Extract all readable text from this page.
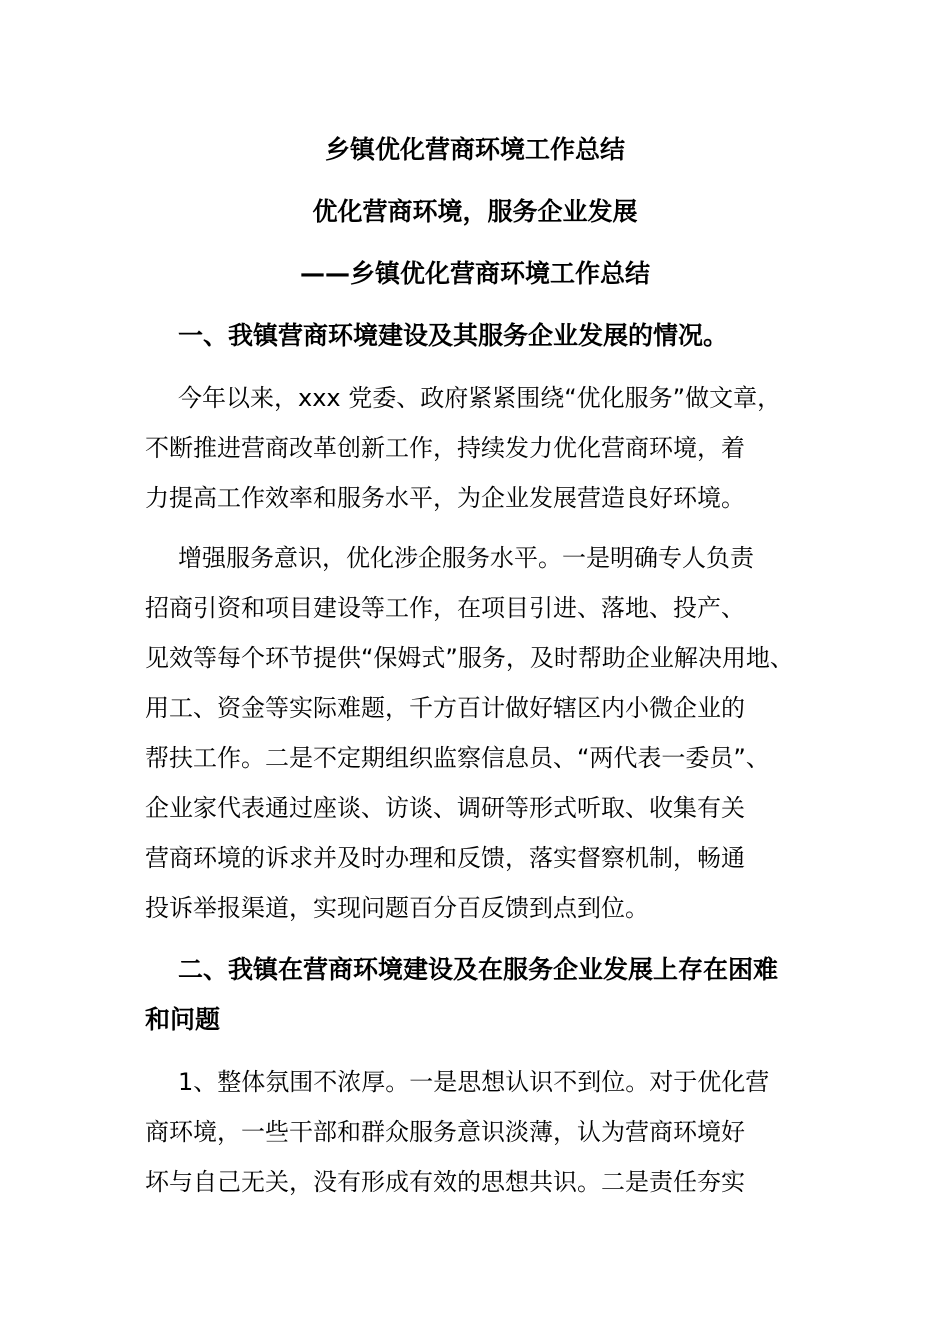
乡镇优化营商环境工作总结
优化营商环境，服务企业发展
——乡镇优化营商环境工作总结
一、我镇营商环境建设及其服务企业发展的情况。
今年以来，xxx 党委、政府紧紧围绕“优化服务”做文章，
不断推进营商改革创新工作，持续发力优化营商环境，着
力提高工作效率和服务水平，为企业发展营造良好环境。
增强服务意识，优化涉企服务水平。一是明确专人负责
招商引资和项目建设等工作，在项目引进、落地、投产、
见效等每个环节提供“保姆式”服务，及时帮助企业解决用地、
用工、资金等实际难题，千方百计做好辖区内小微企业的
帮扶工作。二是不定期组织监察信息员、“两代表一委员”、
企业家代表通过座谈、访谈、调研等形式听取、收集有关
营商环境的诉求并及时办理和反馈，落实督察机制，畅通
投诉举报渠道，实现问题百分百反馈到点到位。
二、我镇在营商环境建设及在服务企业发展上存在困难
和问题
1、整体氛围不浓厚。一是思想认识不到位。对于优化营
商环境，一些干部和群众服务意识淡薄，认为营商环境好
坏与自己无关，没有形成有效的思想共识。二是责任夯实
